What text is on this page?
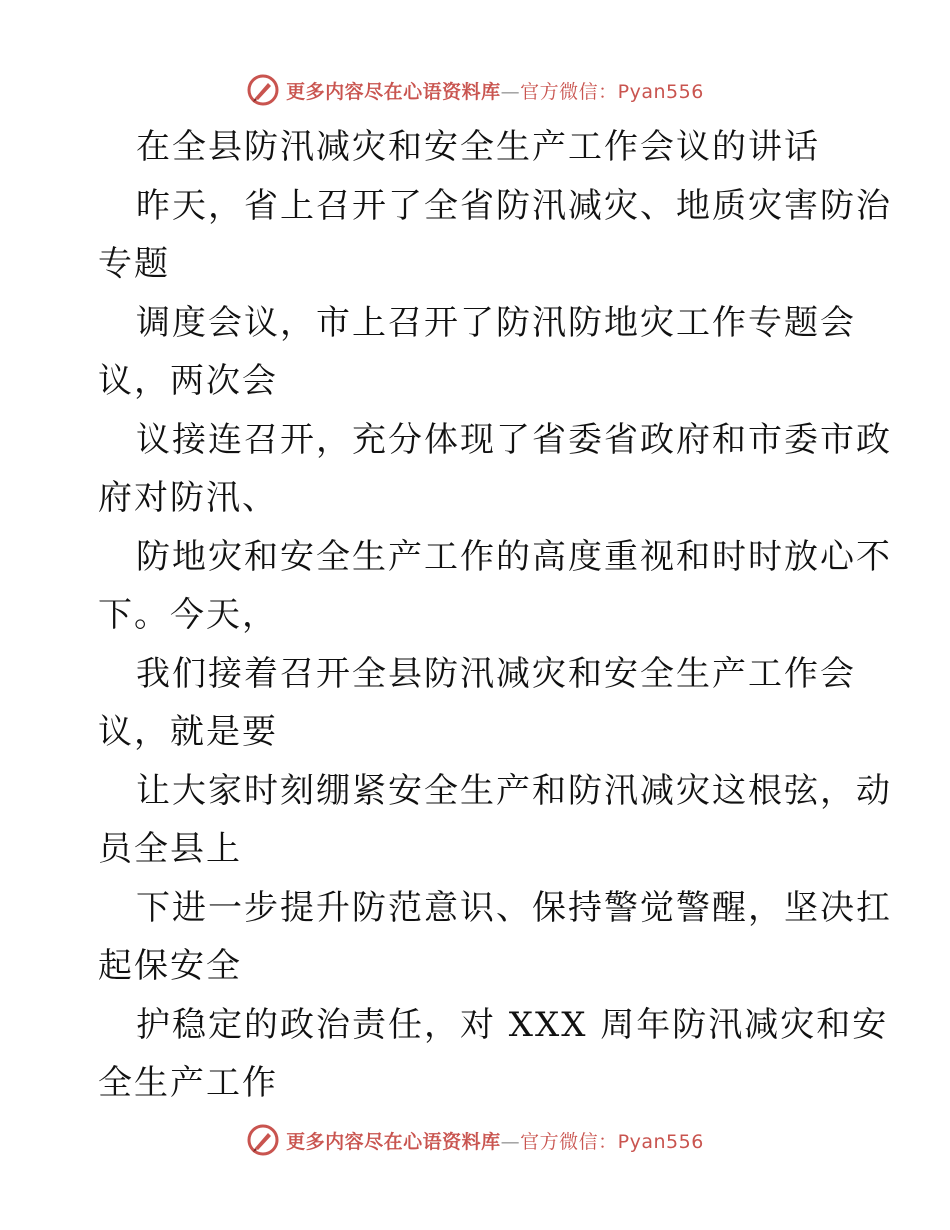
更多内容尽在心语资料库—官方微信：Pyan556
在全县防汛减灾和安全生产工作会议的讲话
昨天，省上召开了全省防汛减灾、地质灾害防治
专题
调度会议，市上召开了防汛防地灾工作专题会
议，两次会
议接连召开，充分体现了省委省政府和市委市政
府对防汛、
防地灾和安全生产工作的高度重视和时时放心不
下。今天，
我们接着召开全县防汛减灾和安全生产工作会
议，就是要
让大家时刻绷紧安全生产和防汛减灾这根弦，动
员全县上
下进一步提升防范意识、保持警觉警醒，坚决扛
起保安全
护稳定的政治责任，对 XXX 周年防汛减灾和安
全生产工作
更多内容尽在心语资料库—官方微信：Pyan556
